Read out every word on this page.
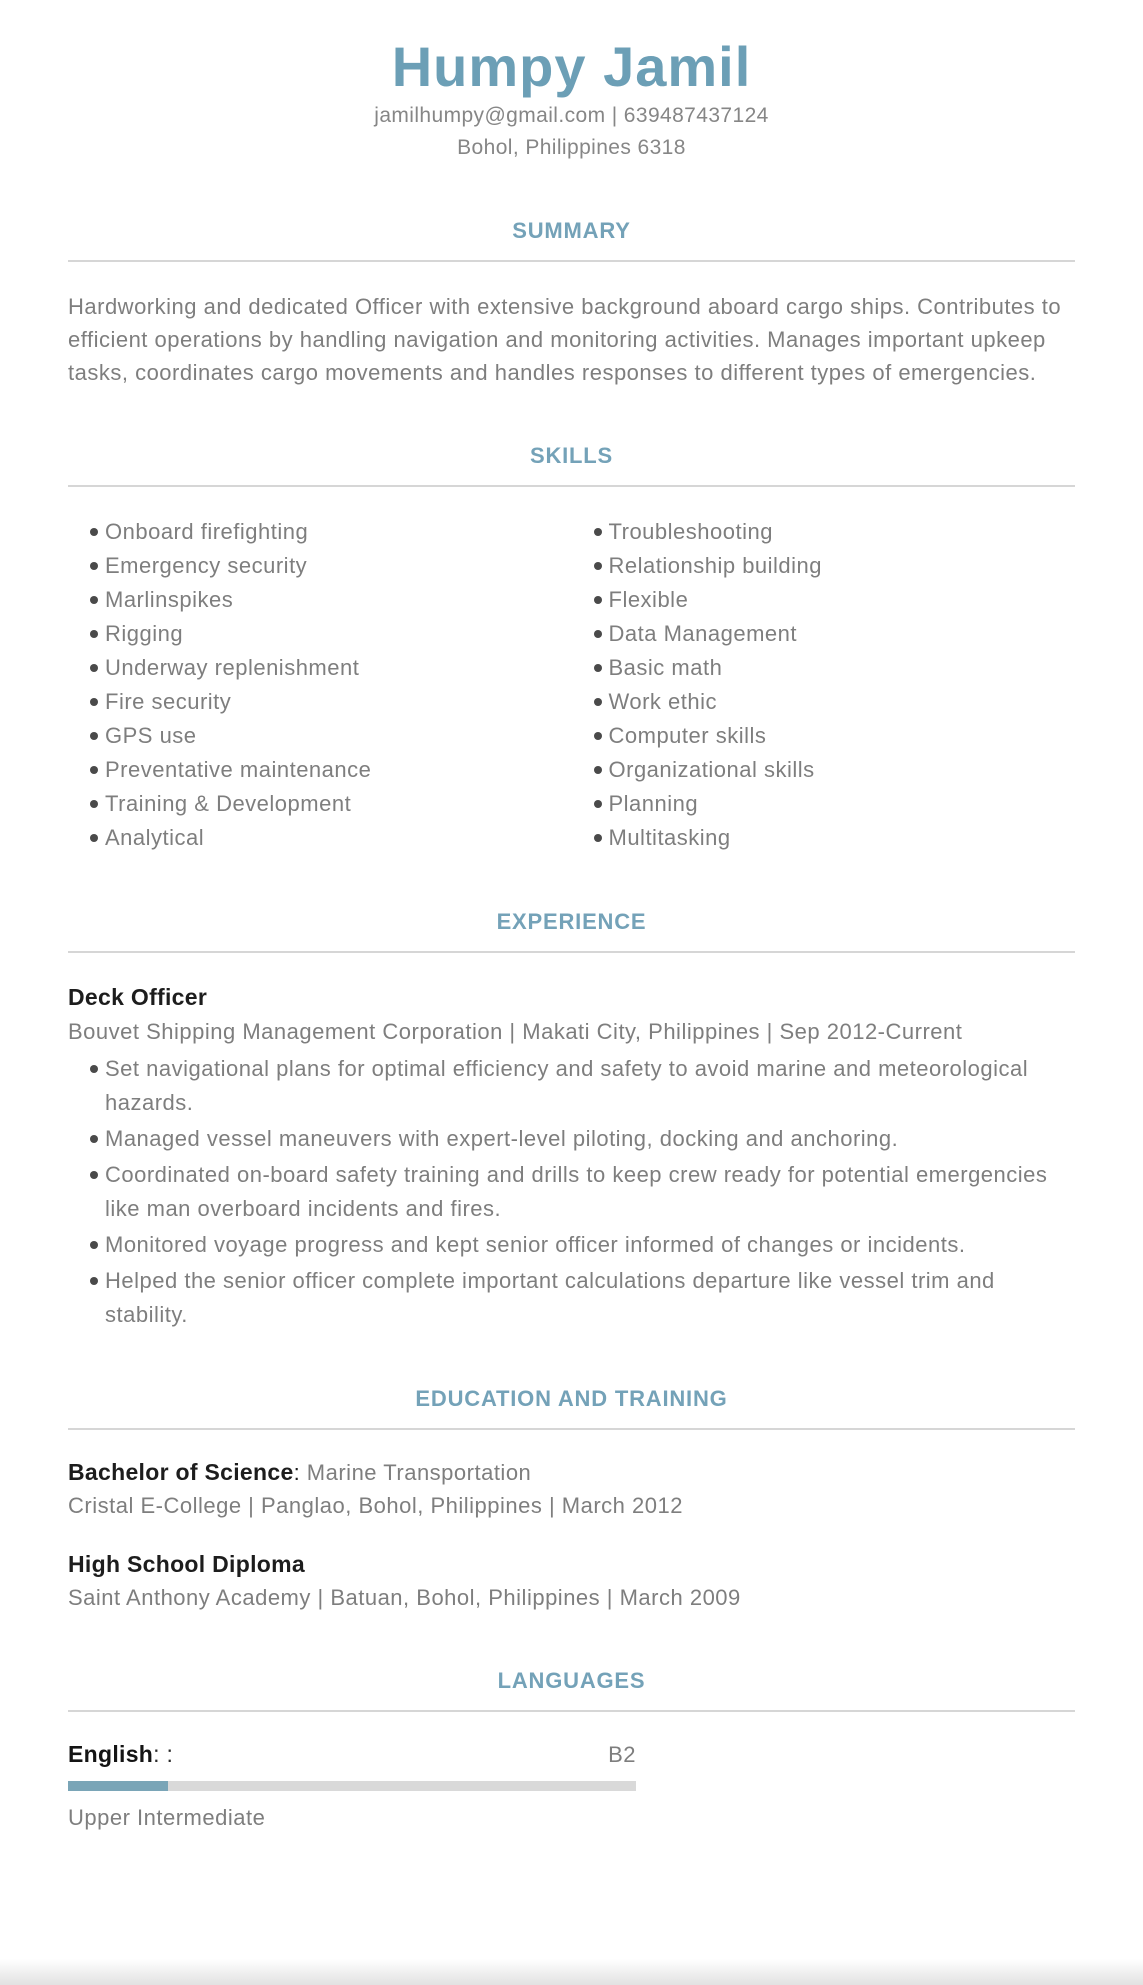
Humpy Jamil
jamilhumpy@gmail.com | 639487437124
Bohol, Philippines 6318
SUMMARY

Hardworking and dedicated Officer with extensive background aboard cargo ships. Contributes to efficient operations by handling navigation and monitoring activities. Manages important upkeep tasks, coordinates cargo movements and handles responses to different types of emergencies.

SKILLS
Onboard firefighting
Emergency security
Marlinspikes
Rigging
Underway replenishment
Fire security
GPS use
Preventative maintenance
Training & Development
Analytical
Troubleshooting
Relationship building
Flexible
Data Management
Basic math
Work ethic
Computer skills
Organizational skills
Planning
Multitasking
EXPERIENCE
Deck Officer
Bouvet Shipping Management Corporation | Makati City, Philippines | Sep 2012-Current
Set navigational plans for optimal efficiency and safety to avoid marine and meteorological hazards.
Managed vessel maneuvers with expert-level piloting, docking and anchoring.
Coordinated on-board safety training and drills to keep crew ready for potential emergencies like man overboard incidents and fires.
Monitored voyage progress and kept senior officer informed of changes or incidents.
Helped the senior officer complete important calculations departure like vessel trim and stability.
EDUCATION AND TRAINING
Bachelor of Science: Marine Transportation
Cristal E-College | Panglao, Bohol, Philippines | March 2012
High School Diploma
Saint Anthony Academy | Batuan, Bohol, Philippines | March 2009
LANGUAGES
English: :	B2
Upper Intermediate
